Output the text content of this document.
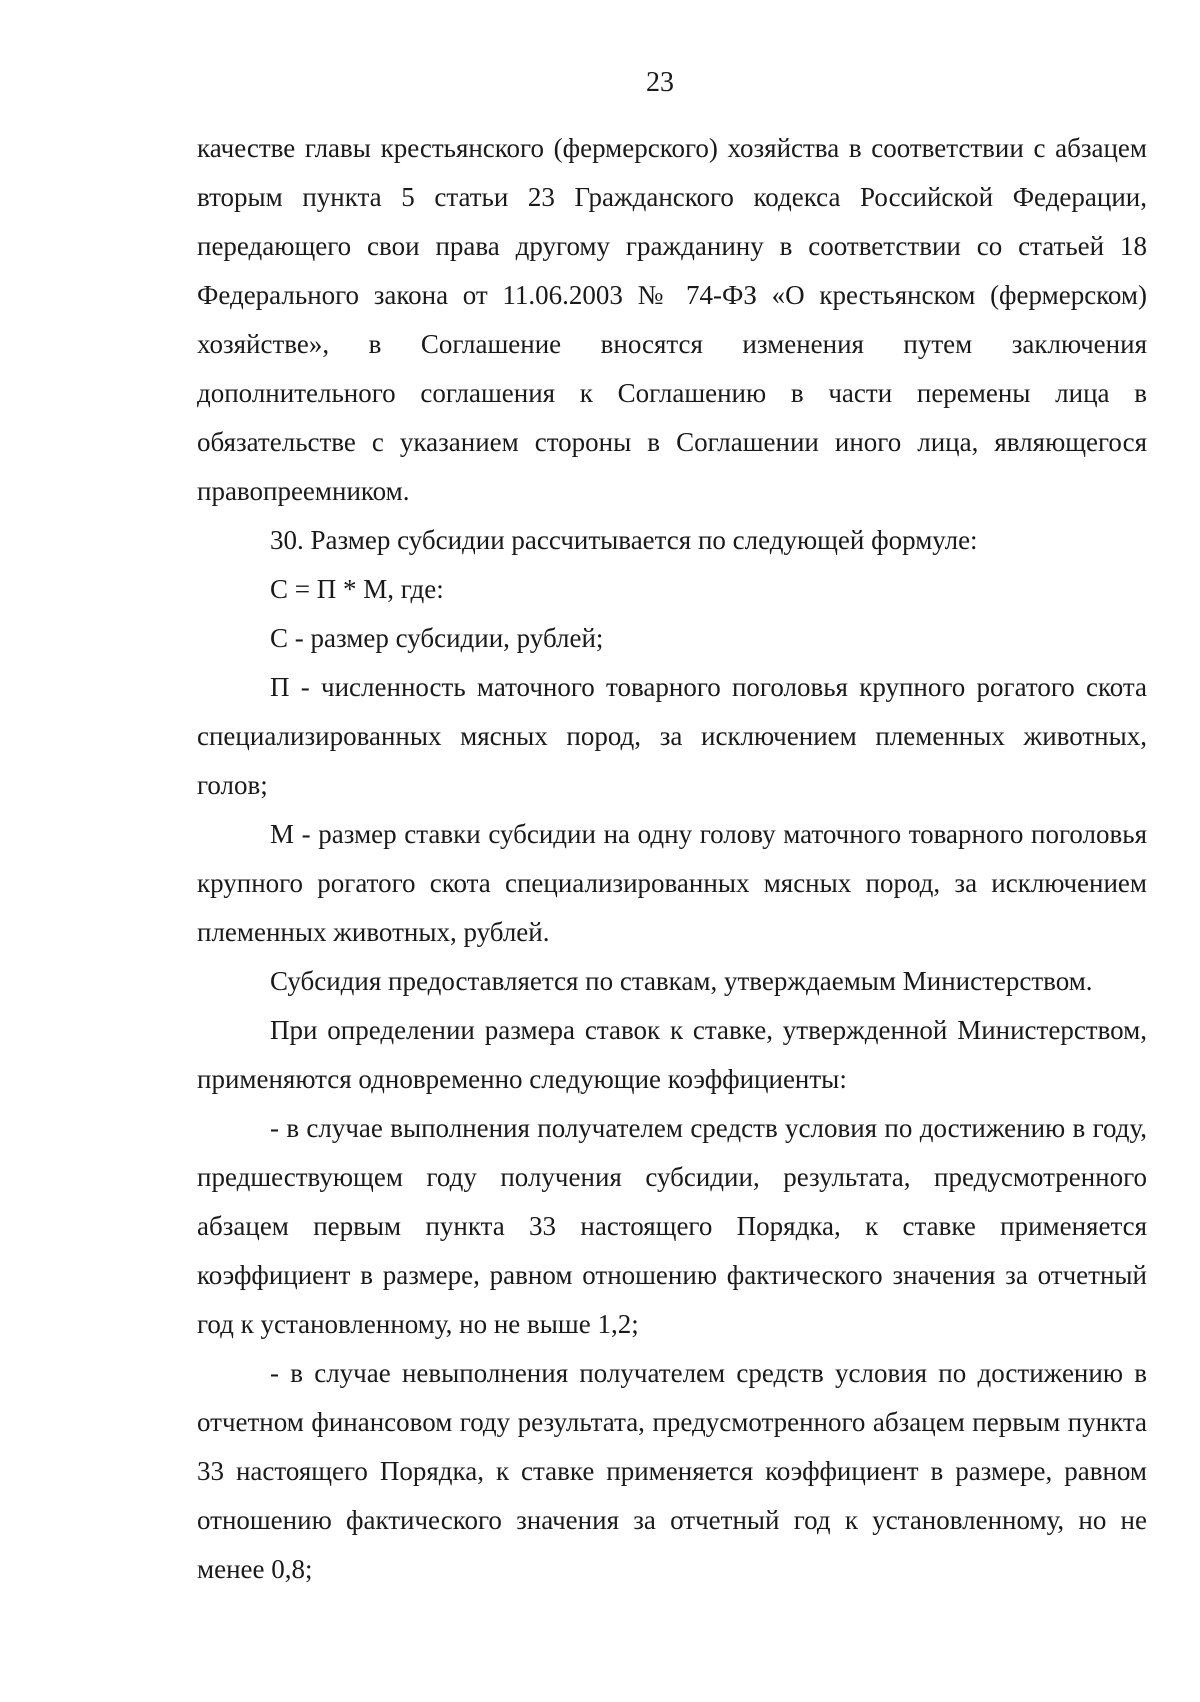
23

качестве главы крестьянского (фермерского) хозяйства в соответствии с абзацем вторым пункта 5 статьи 23 Гражданского кодекса Российской Федерации, передающего свои права другому гражданину в соответствии со статьей 18 Федерального закона от 11.06.2003 № 74-ФЗ «О крестьянском (фермерском) хозяйстве», в Соглашение вносятся изменения путем заключения дополнительного соглашения к Соглашению в части перемены лица в обязательстве с указанием стороны в Соглашении иного лица, являющегося правопреемником.

30. Размер субсидии рассчитывается по следующей формуле:

С = П * М, где:

С - размер субсидии, рублей;

П - численность маточного товарного поголовья крупного рогатого скота специализированных мясных пород, за исключением племенных животных, голов;

М - размер ставки субсидии на одну голову маточного товарного поголовья крупного рогатого скота специализированных мясных пород, за исключением племенных животных, рублей.

Субсидия предоставляется по ставкам, утверждаемым Министерством.

При определении размера ставок к ставке, утвержденной Министерством, применяются одновременно следующие коэффициенты:

- в случае выполнения получателем средств условия по достижению в году, предшествующем году получения субсидии, результата, предусмотренного абзацем первым пункта 33 настоящего Порядка, к ставке применяется коэффициент в размере, равном отношению фактического значения за отчетный год к установленному, но не выше 1,2;

- в случае невыполнения получателем средств условия по достижению в отчетном финансовом году результата, предусмотренного абзацем первым пункта 33 настоящего Порядка, к ставке применяется коэффициент в размере, равном отношению фактического значения за отчетный год к установленному, но не менее 0,8;
